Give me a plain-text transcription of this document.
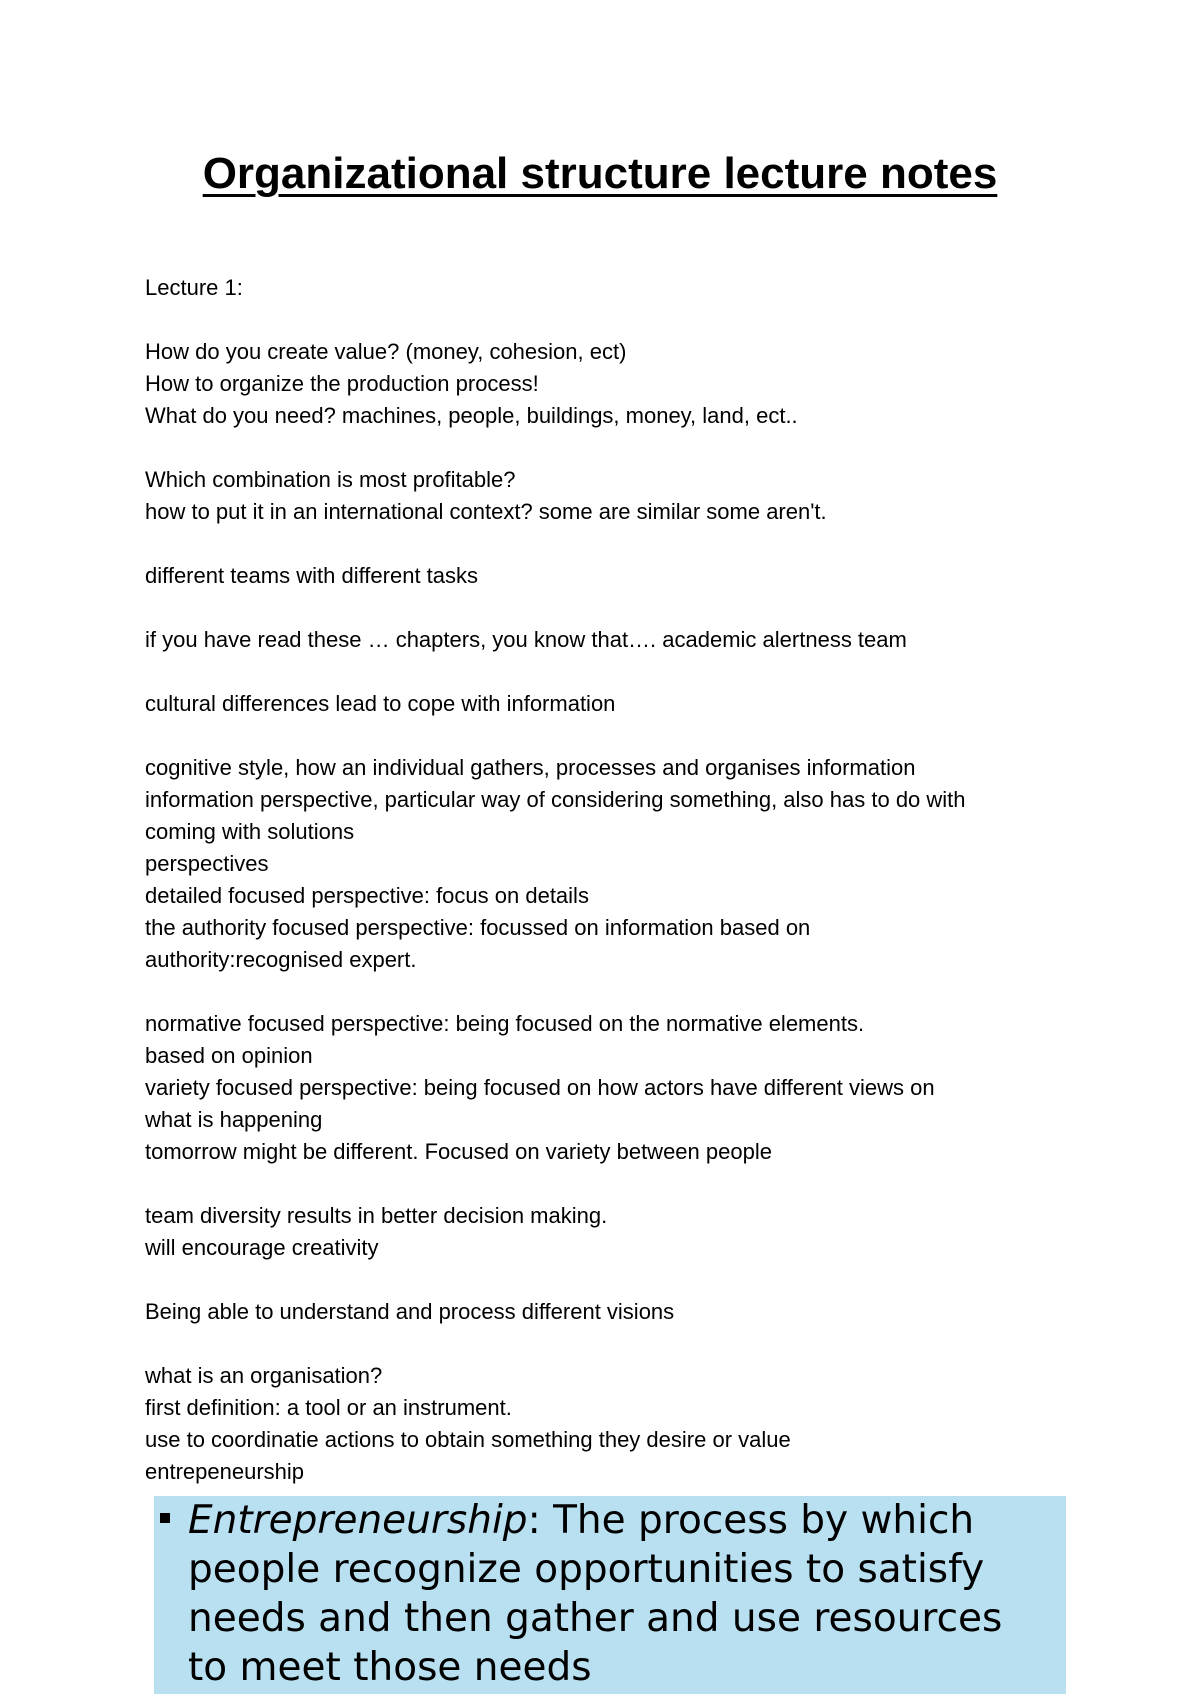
Organizational structure lecture notes
Lecture 1:
How do you create value? (money, cohesion, ect)
How to organize the production process!
What do you need? machines, people, buildings, money, land, ect..
Which combination is most profitable?
how to put it in an international context? some are similar some aren't.
different teams with different tasks
if you have read these … chapters, you know that…. academic alertness team
cultural differences lead to cope with information
cognitive style, how an individual gathers, processes and organises information
information perspective, particular way of considering something, also has to do with
coming with solutions
perspectives
detailed focused perspective: focus on details
the authority focused perspective: focussed on information based on
authority:recognised expert.
normative focused perspective: being focused on the normative elements.
based on opinion
variety focused perspective: being focused on how actors have different views on
what is happening
tomorrow might be different. Focused on variety between people
team diversity results in better decision making.
will encourage creativity
Being able to understand and process different visions
what is an organisation?
first definition: a tool or an instrument.
use to coordinatie actions to obtain something they desire or value
entrepeneurship
Entrepreneurship: The process by which people recognize opportunities to satisfy needs and then gather and use resources to meet those needs
